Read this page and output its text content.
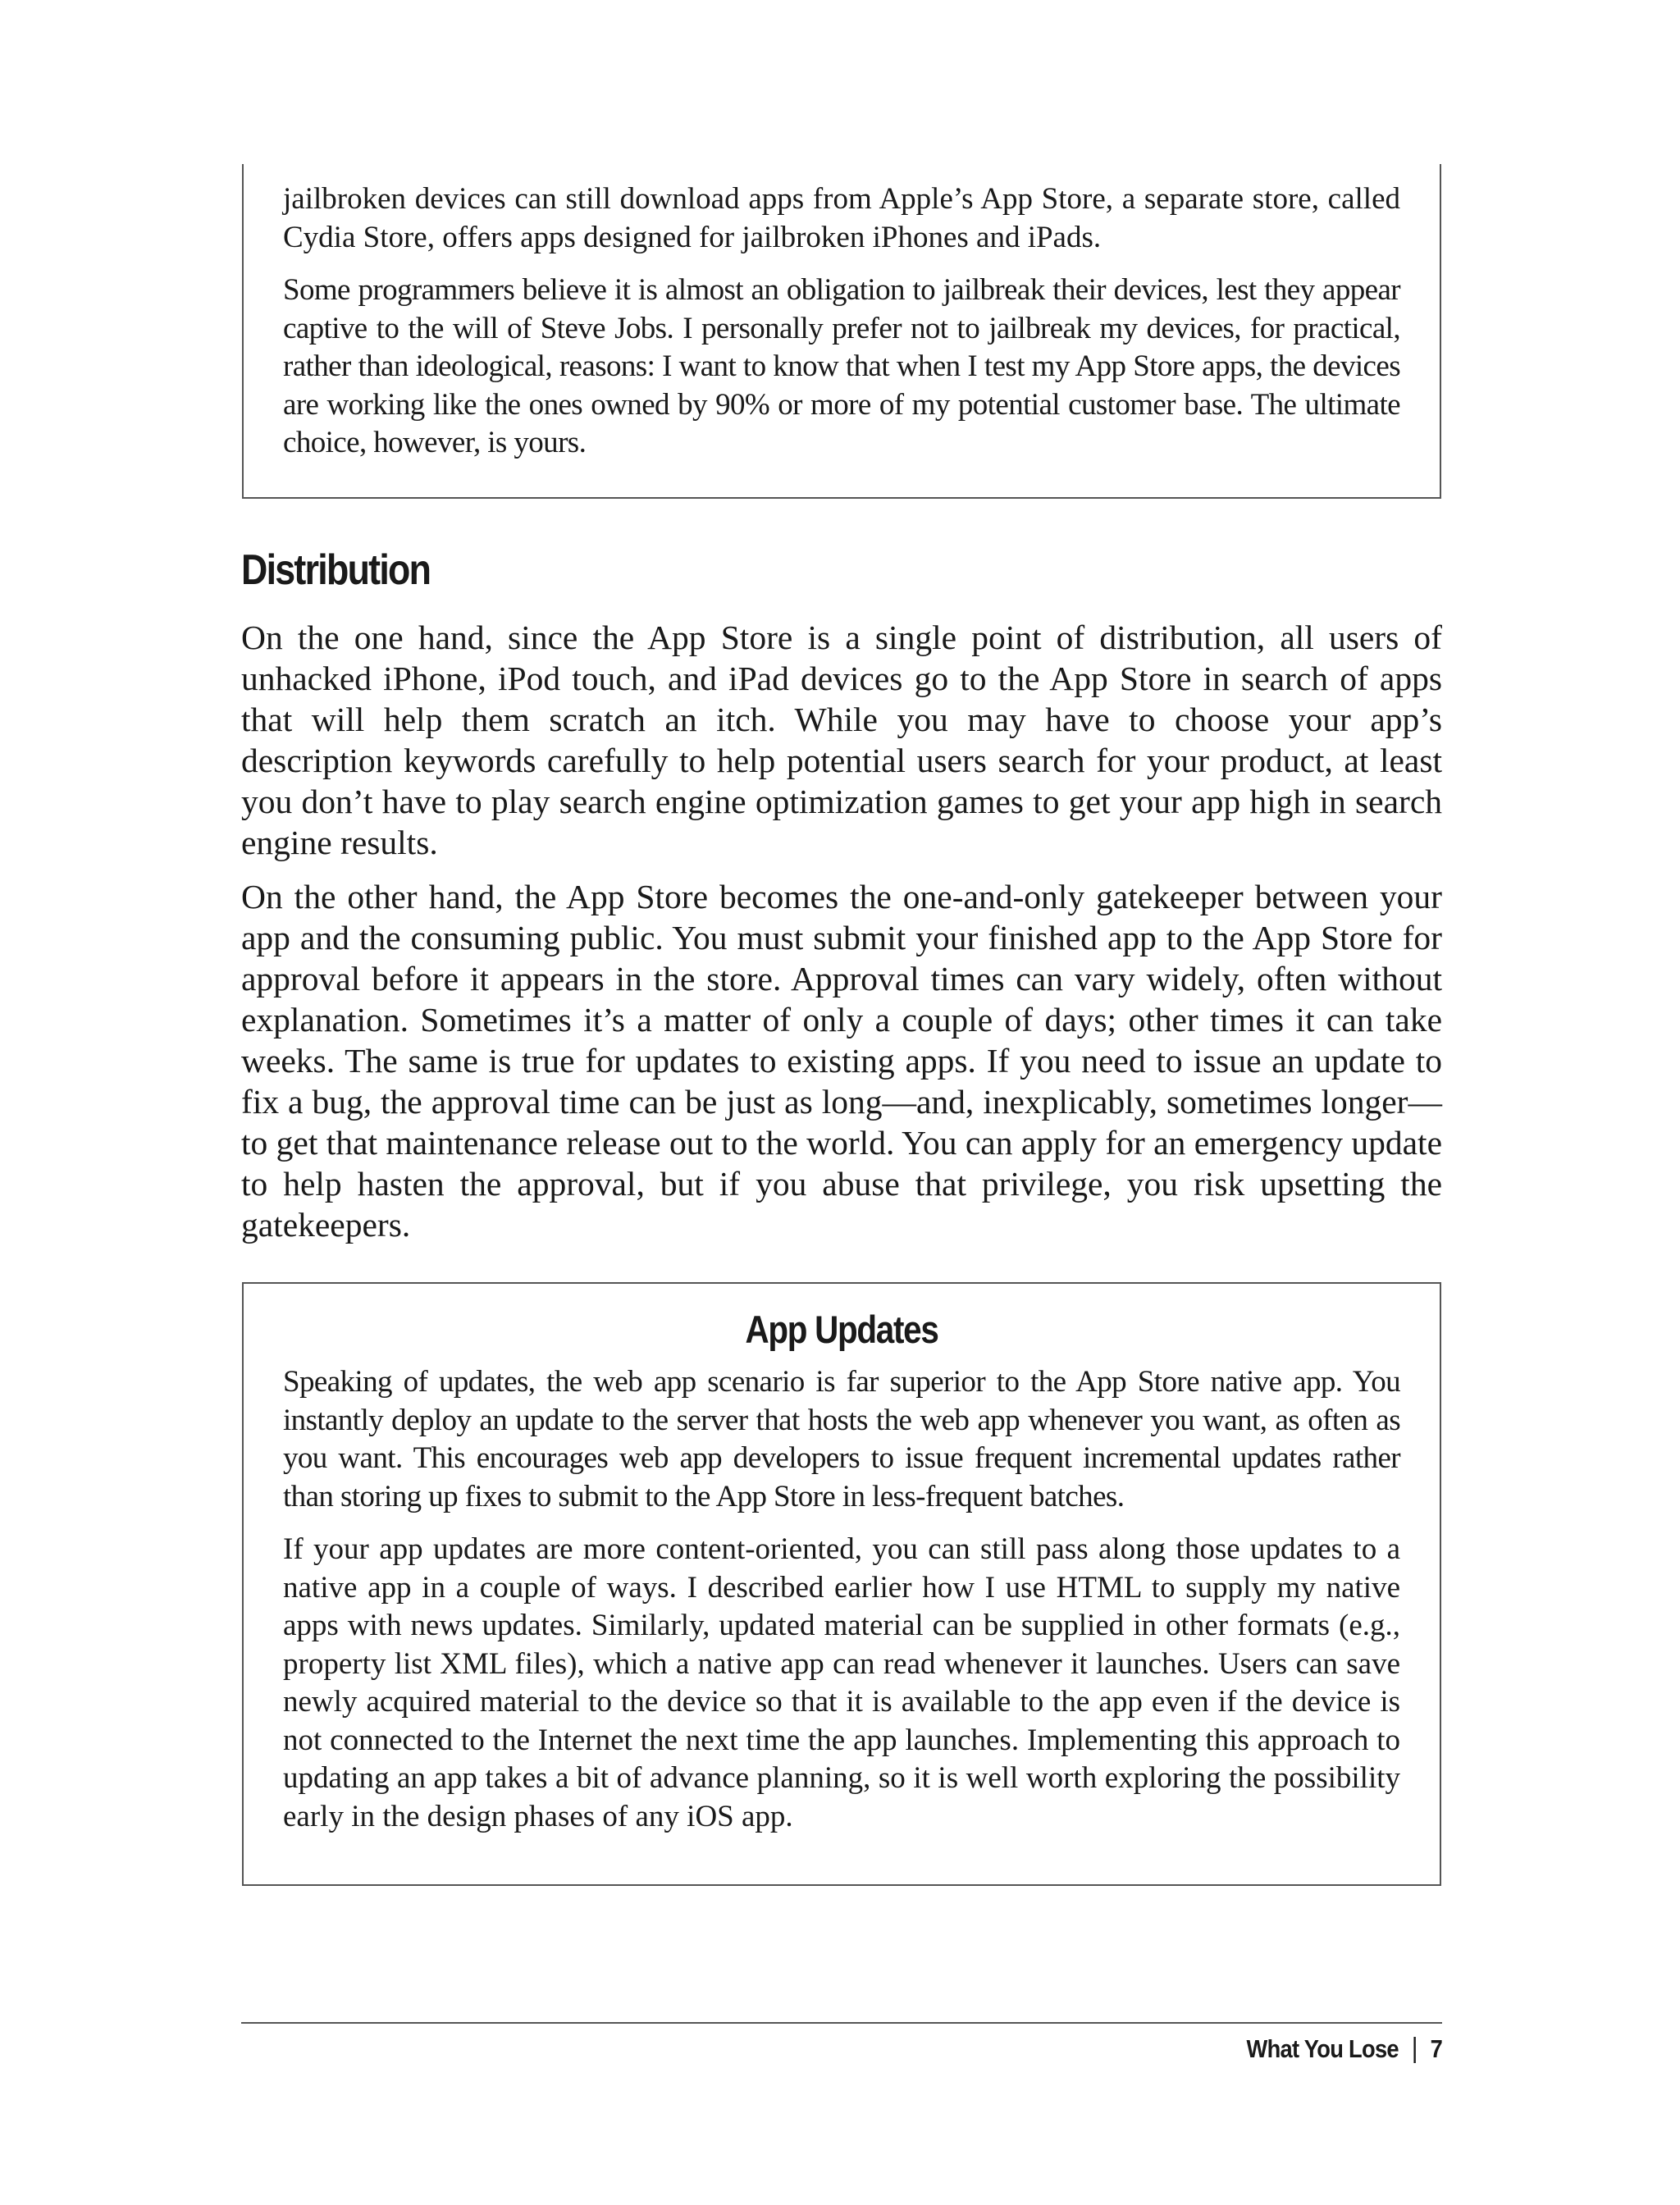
jailbroken devices can still download apps from Apple’s App Store, a separate store, called Cydia Store, offers apps designed for jailbroken iPhones and iPads.

Some programmers believe it is almost an obligation to jailbreak their devices, lest they appear captive to the will of Steve Jobs. I personally prefer not to jailbreak my devices, for practical, rather than ideological, reasons: I want to know that when I test my App Store apps, the devices are working like the ones owned by 90% or more of my potential customer base. The ultimate choice, however, is yours.

Distribution

On the one hand, since the App Store is a single point of distribution, all users of unhacked iPhone, iPod touch, and iPad devices go to the App Store in search of apps that will help them scratch an itch. While you may have to choose your app’s description keywords carefully to help potential users search for your product, at least you don’t have to play search engine optimization games to get your app high in search engine results.

On the other hand, the App Store becomes the one-and-only gatekeeper between your app and the consuming public. You must submit your finished app to the App Store for approval before it appears in the store. Approval times can vary widely, often without explanation. Sometimes it’s a matter of only a couple of days; other times it can take weeks. The same is true for updates to existing apps. If you need to issue an update to fix a bug, the approval time can be just as long—and, inexplicably, sometimes longer—to get that maintenance release out to the world. You can apply for an emergency update to help hasten the approval, but if you abuse that privilege, you risk upsetting the gatekeepers.

App Updates

Speaking of updates, the web app scenario is far superior to the App Store native app. You instantly deploy an update to the server that hosts the web app whenever you want, as often as you want. This encourages web app developers to issue frequent incremental updates rather than storing up fixes to submit to the App Store in less-frequent batches.

If your app updates are more content-oriented, you can still pass along those updates to a native app in a couple of ways. I described earlier how I use HTML to supply my native apps with news updates. Similarly, updated material can be supplied in other formats (e.g., property list XML files), which a native app can read whenever it launches. Users can save newly acquired material to the device so that it is available to the app even if the device is not connected to the Internet the next time the app launches. Implementing this approach to updating an app takes a bit of advance planning, so it is well worth exploring the possibility early in the design phases of any iOS app.

What You Lose | 7
